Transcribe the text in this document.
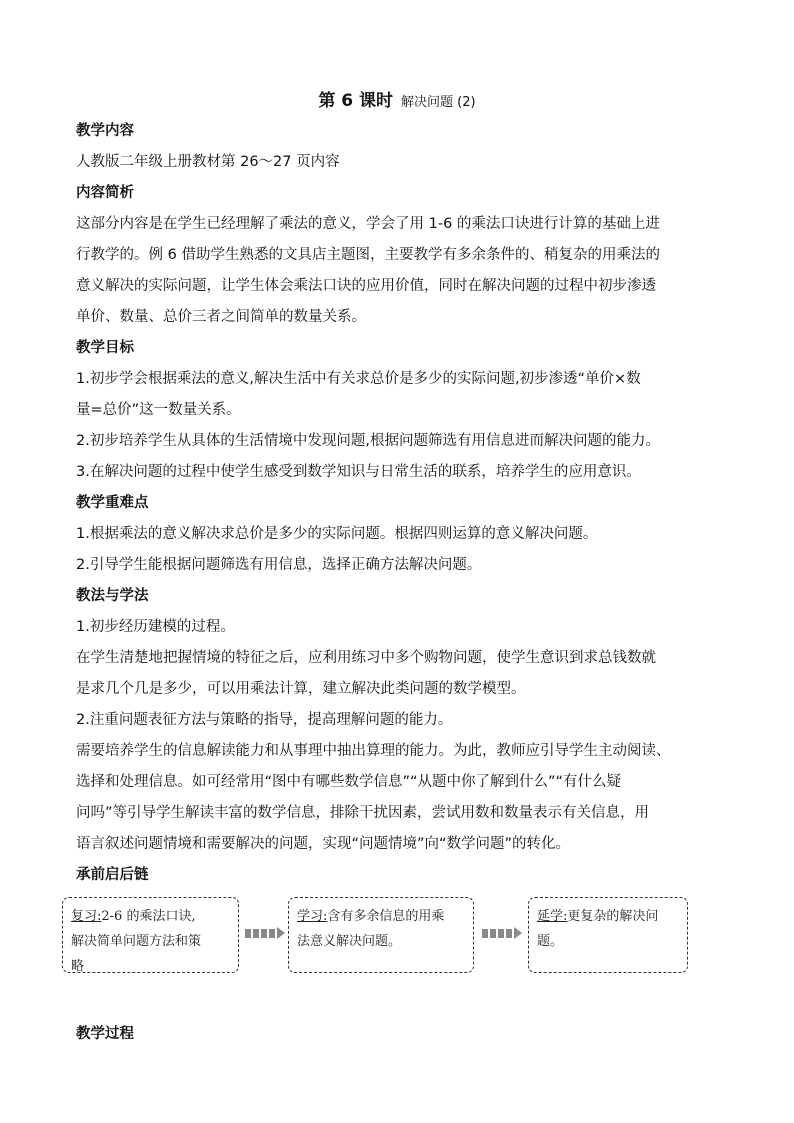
第 6 课时 解决问题 (2)
教学内容
人教版二年级上册教材第 26～27 页内容
内容简析
这部分内容是在学生已经理解了乘法的意义，学会了用 1-6 的乘法口诀进行计算的基础上进
行教学的。例 6 借助学生熟悉的文具店主题图，主要教学有多余条件的、稍复杂的用乘法的
意义解决的实际问题，让学生体会乘法口诀的应用价值，同时在解决问题的过程中初步渗透
单价、数量、总价三者之间简单的数量关系。
教学目标
1.初步学会根据乘法的意义,解决生活中有关求总价是多少的实际问题,初步渗透“单价×数
量=总价”这一数量关系。
2.初步培养学生从具体的生活情境中发现问题,根据问题筛选有用信息进而解决问题的能力。
3.在解决问题的过程中使学生感受到数学知识与日常生活的联系，培养学生的应用意识。
教学重难点
1.根据乘法的意义解决求总价是多少的实际问题。根据四则运算的意义解决问题。
2.引导学生能根据问题筛选有用信息，选择正确方法解决问题。
教法与学法
1.初步经历建模的过程。
在学生清楚地把握情境的特征之后，应利用练习中多个购物问题，使学生意识到求总钱数就
是求几个几是多少，可以用乘法计算，建立解决此类问题的数学模型。
2.注重问题表征方法与策略的指导，提高理解问题的能力。
需要培养学生的信息解读能力和从事理中抽出算理的能力。为此，教师应引导学生主动阅读、
选择和处理信息。如可经常用“图中有哪些数学信息”“从题中你了解到什么”“有什么疑
问吗”等引导学生解读丰富的数学信息，排除干扰因素，尝试用数和数量表示有关信息，用
语言叙述问题情境和需要解决的问题，实现“问题情境”向“数学问题”的转化。
承前启后链
复习:2-6 的乘法口诀,
解决简单问题方法和策
略
学习:含有多余信息的用乘
法意义解决问题。
延学:更复杂的解决问
题。
教学过程
